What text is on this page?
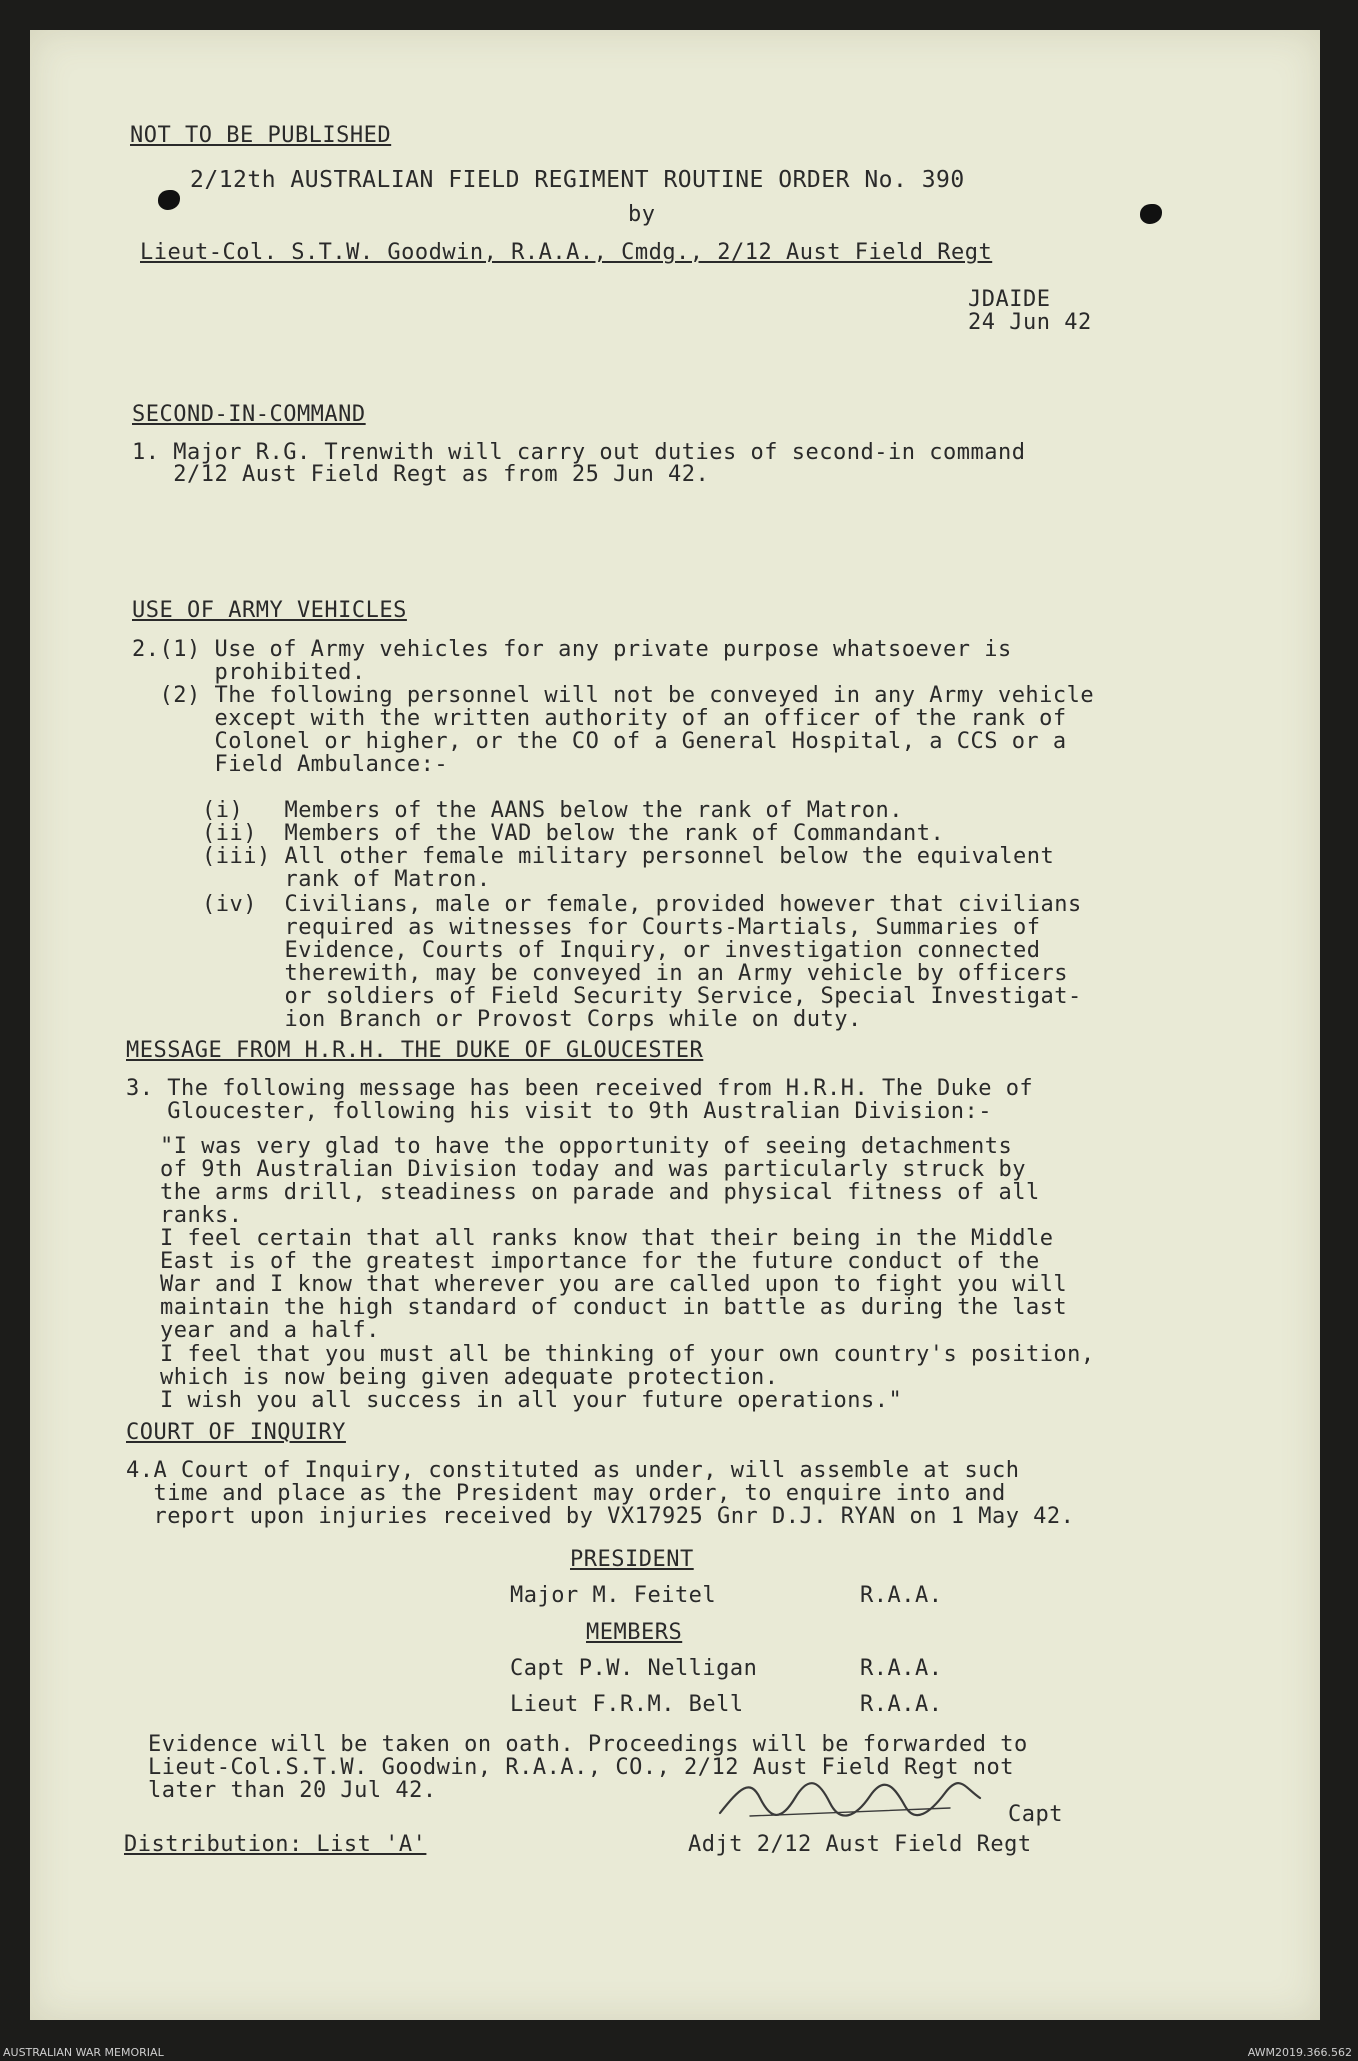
NOT TO BE PUBLISHED
2/12th AUSTRALIAN FIELD REGIMENT ROUTINE ORDER No. 390
by
Lieut-Col. S.T.W. Goodwin, R.A.A., Cmdg., 2/12 Aust Field Regt
JDAIDE
24 Jun 42
SECOND-IN-COMMAND
1. Major R.G. Trenwith will carry out duties of second-in command
2/12 Aust Field Regt as from 25 Jun 42.
USE OF ARMY VEHICLES
2.(1) Use of Army vehicles for any private purpose whatsoever is
prohibited.
(2) The following personnel will not be conveyed in any Army vehicle
except with the written authority of an officer of the rank of
Colonel or higher, or the CO of a General Hospital, a CCS or a
Field Ambulance:-
(i)   Members of the AANS below the rank of Matron.
(ii)  Members of the VAD below the rank of Commandant.
(iii) All other female military personnel below the equivalent
rank of Matron.
(iv)  Civilians, male or female, provided however that civilians
required as witnesses for Courts-Martials, Summaries of
Evidence, Courts of Inquiry, or investigation connected
therewith, may be conveyed in an Army vehicle by officers
or soldiers of Field Security Service, Special Investigat-
ion Branch or Provost Corps while on duty.
MESSAGE FROM H.R.H. THE DUKE OF GLOUCESTER
3. The following message has been received from H.R.H. The Duke of
Gloucester, following his visit to 9th Australian Division:-
"I was very glad to have the opportunity of seeing detachments
of 9th Australian Division today and was particularly struck by
the arms drill, steadiness on parade and physical fitness of all
ranks.
I feel certain that all ranks know that their being in the Middle
East is of the greatest importance for the future conduct of the
War and I know that wherever you are called upon to fight you will
maintain the high standard of conduct in battle as during the last
year and a half.
I feel that you must all be thinking of your own country's position,
which is now being given adequate protection.
I wish you all success in all your future operations."
COURT OF INQUIRY
4.A Court of Inquiry, constituted as under, will assemble at such
time and place as the President may order, to enquire into and
report upon injuries received by VX17925 Gnr D.J. RYAN on 1 May 42.
PRESIDENT
Major M. Feitel	R.A.A.
MEMBERS
Capt P.W. Nelligan	R.A.A.
Lieut F.R.M. Bell	R.A.A.
Evidence will be taken on oath. Proceedings will be forwarded to
Lieut-Col.S.T.W. Goodwin, R.A.A., CO., 2/12 Aust Field Regt not
later than 20 Jul 42.
Capt
Distribution: List 'A'	Adjt 2/12 Aust Field Regt
AUSTRALIAN WAR MEMORIAL	AWM2019.366.562
